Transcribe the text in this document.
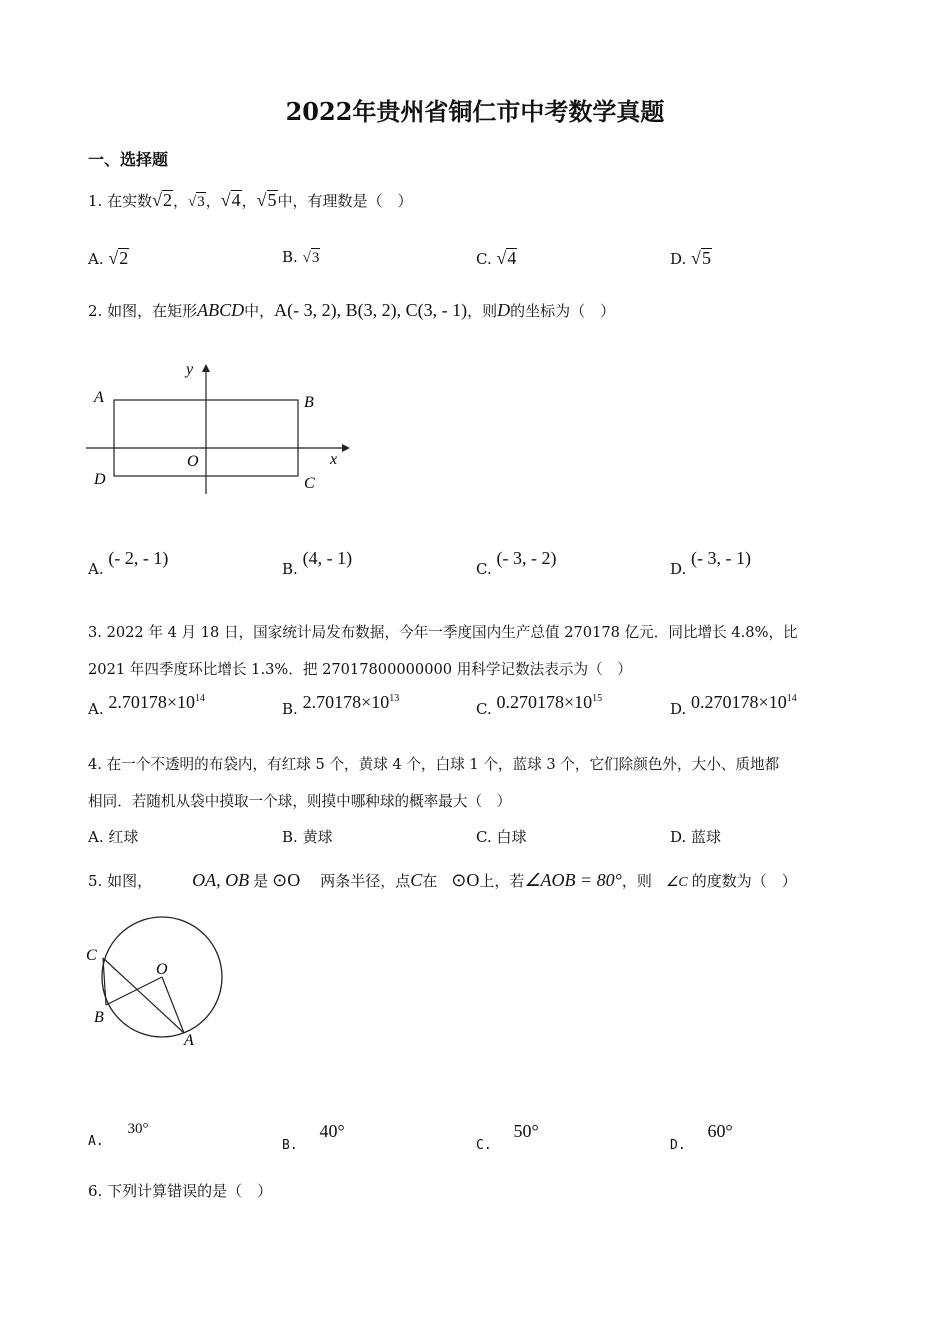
2022年贵州省铜仁市中考数学真题
一、选择题
1. 在实数√2，√3，√4，√5中，有理数是（　）
A. √2	B. √3	C. √4	D. √5
2. 如图，在矩形ABCD中，A(- 3, 2), B(3, 2), C(3, - 1)，则D的坐标为（　）
y
x
A	B
C
D
O
A. (- 2, - 1)
B. (4, - 1)
C. (- 3, - 2)
D. (- 3, - 1)
3. 2022 年 4 月 18 日，国家统计局发布数据，今年一季度国内生产总值 270178 亿元．同比增长 4.8%，比
2021 年四季度环比增长 1.3%．把 27017800000000 用科学记数法表示为（　）
A. $2.70178\times 10^{14}$
B. $2.70178\times 10^{13}$
C. $0.270178\times 10^{15}$
D. $0.270178\times 10^{14}$
4. 在一个不透明的布袋内，有红球 5 个，黄球 4 个，白球 1 个，蓝球 3 个，它们除颜色外，大小、质地都
相同．若随机从袋中摸取一个球，则摸中哪种球的概率最大（　）
A. 红球	B. 黄球	C. 白球	D. 蓝球
5. 如图， OA, OB 是 ⊙O 两条半径，点C在 ⊙O上，若∠AOB = 80°，则 ∠C 的度数为（　）
C
O
B
A
A. 30°
B. 40°
C. 50°
D. 60°
6. 下列计算错误的是（　）
